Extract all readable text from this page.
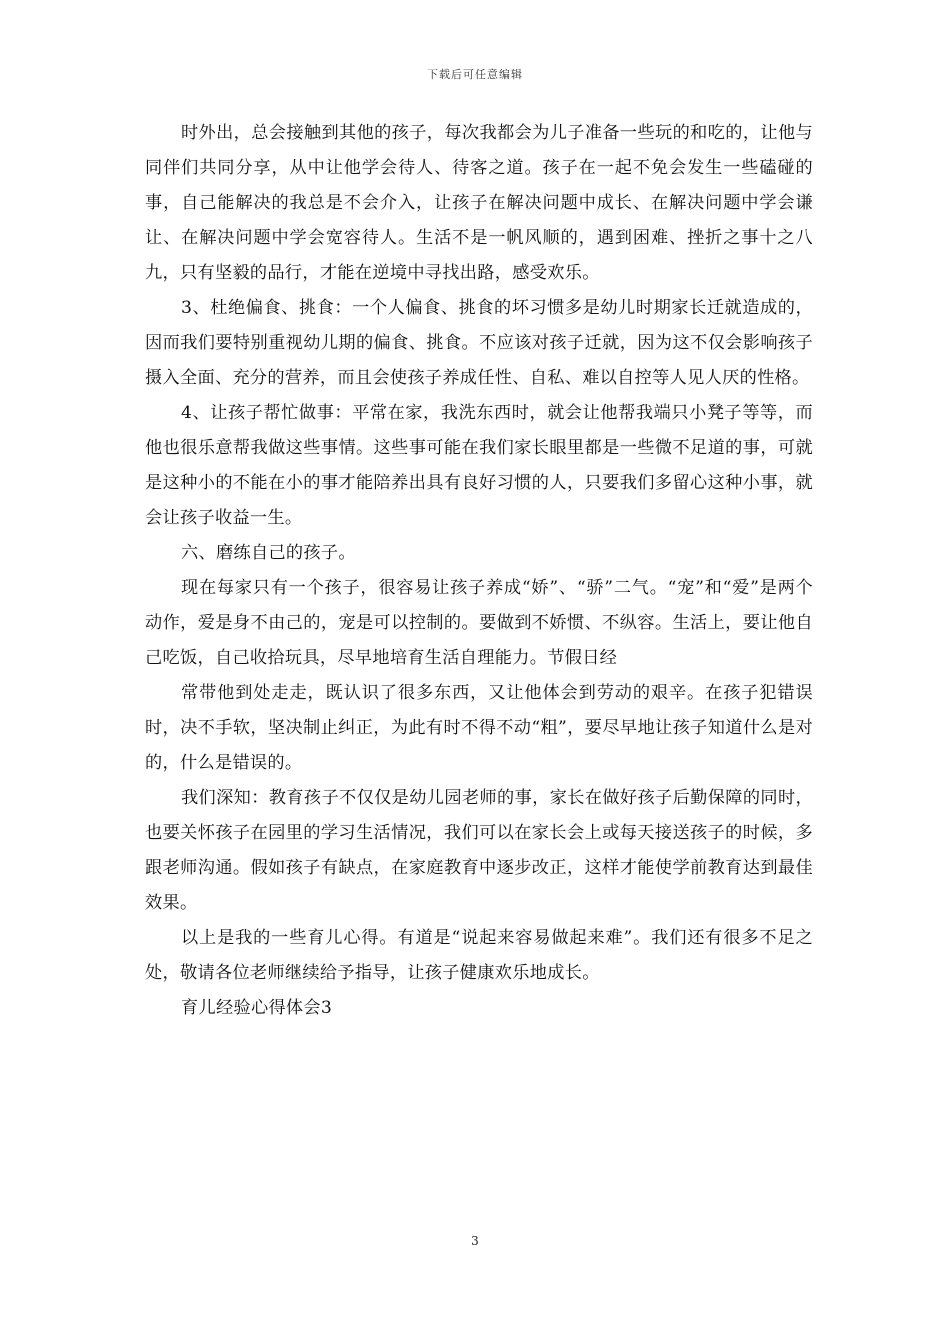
下载后可任意编辑

时外出，总会接触到其他的孩子，每次我都会为儿子准备一些玩的和吃的，让他与同伴们共同分享，从中让他学会待人、待客之道。孩子在一起不免会发生一些磕碰的事，自己能解决的我总是不会介入，让孩子在解决问题中成长、在解决问题中学会谦让、在解决问题中学会宽容待人。生活不是一帆风顺的，遇到困难、挫折之事十之八九，只有坚毅的品行，才能在逆境中寻找出路，感受欢乐。

3、杜绝偏食、挑食：一个人偏食、挑食的坏习惯多是幼儿时期家长迁就造成的，因而我们要特别重视幼儿期的偏食、挑食。不应该对孩子迁就，因为这不仅会影响孩子摄入全面、充分的营养，而且会使孩子养成任性、自私、难以自控等人见人厌的性格。

4、让孩子帮忙做事：平常在家，我洗东西时，就会让他帮我端只小凳子等等，而他也很乐意帮我做这些事情。这些事可能在我们家长眼里都是一些微不足道的事，可就是这种小的不能在小的事才能陪养出具有良好习惯的人，只要我们多留心这种小事，就会让孩子收益一生。

六、磨练自己的孩子。

现在每家只有一个孩子，很容易让孩子养成“娇”、“骄”二气。“宠”和“爱”是两个动作，爱是身不由己的，宠是可以控制的。要做到不娇惯、不纵容。生活上，要让他自己吃饭，自己收拾玩具，尽早地培育生活自理能力。节假日经

常带他到处走走，既认识了很多东西，又让他体会到劳动的艰辛。在孩子犯错误时，决不手软，坚决制止纠正，为此有时不得不动“粗”，要尽早地让孩子知道什么是对的，什么是错误的。

我们深知：教育孩子不仅仅是幼儿园老师的事，家长在做好孩子后勤保障的同时，也要关怀孩子在园里的学习生活情况，我们可以在家长会上或每天接送孩子的时候，多跟老师沟通。假如孩子有缺点，在家庭教育中逐步改正，这样才能使学前教育达到最佳效果。

以上是我的一些育儿心得。有道是“说起来容易做起来难”。我们还有很多不足之处，敬请各位老师继续给予指导，让孩子健康欢乐地成长。

育儿经验心得体会3

3
